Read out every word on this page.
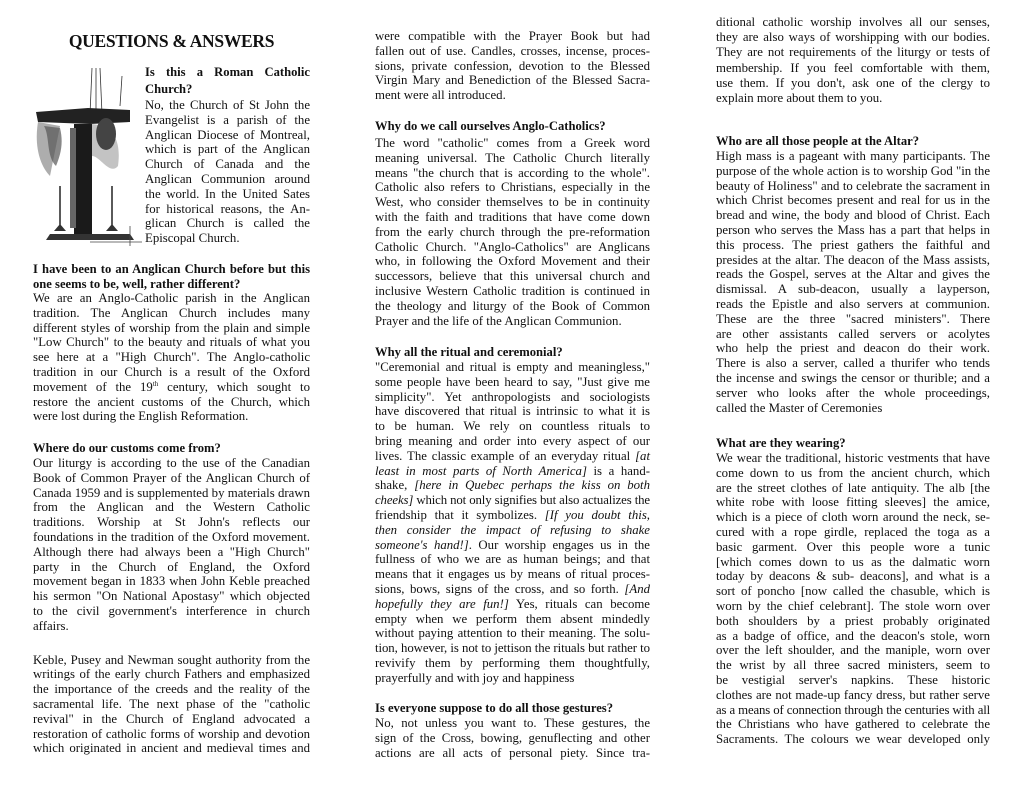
QUESTIONS & ANSWERS
Is this a Roman Catholic
Church?
No, the Church of St John the
Evangelist is a parish of the
Anglican Diocese of Montreal,
which is part of the Anglican
Church of Canada and the
Anglican Communion around
the world. In the United Sates
for historical reasons, the An-
glican Church is called the
Episcopal Church.
I have been to an Anglican Church before but this
one seems to be, well, rather different?
We are an Anglo-Catholic parish in the Anglican
tradition. The Anglican Church includes many
different styles of worship from the plain and simple
"Low Church" to the beauty and rituals of what you
see here at a "High Church". The Anglo-catholic
tradition in our Church is a result of the Oxford
movement of the 19th century, which sought to
restore the ancient customs of the Church, which
were lost during the English Reformation.
Where do our customs come from?
Our liturgy is according to the use of the Canadian
Book of Common Prayer of the Anglican Church of
Canada 1959 and is supplemented by materials drawn
from the Anglican and the Western Catholic
traditions. Worship at St John's reflects our
foundations in the tradition of the Oxford movement.
Although there had always been a "High Church"
party in the Church of England, the Oxford
movement began in 1833 when John Keble preached
his sermon "On National Apostasy" which objected
to the civil government's interference in church
affairs.
Keble, Pusey and Newman sought authority from the
writings of the early church Fathers and emphasized
the importance of the creeds and the reality of the
sacramental life. The next phase of the "catholic
revival" in the Church of England advocated a
restoration of catholic forms of worship and devotion
which originated in ancient and medieval times and
were compatible with the Prayer Book but had
fallen out of use. Candles, crosses, incense, proces-
sions, private confession, devotion to the Blessed
Virgin Mary and Benediction of the Blessed Sacra-
ment were all introduced.
Why do we call ourselves Anglo-Catholics?
The word "catholic" comes from a Greek word
meaning universal. The Catholic Church literally
means "the church that is according to the whole".
Catholic also refers to Christians, especially in the
West, who consider themselves to be in continuity
with the faith and traditions that have come down
from the early church through the pre-reformation
Catholic Church. "Anglo-Catholics" are Anglicans
who, in following the Oxford Movement and their
successors, believe that this universal church and
inclusive Western Catholic tradition is continued in
the theology and liturgy of the Book of Common
Prayer and the life of the Anglican Communion.
Why all the ritual and ceremonial?
"Ceremonial and ritual is empty and meaningless,"
some people have been heard to say, "Just give me
simplicity". Yet anthropologists and sociologists
have discovered that ritual is intrinsic to what it is
to be human. We rely on countless rituals to
bring meaning and order into every aspect of our
lives. The classic example of an everyday ritual [at
least in most parts of North America] is a hand-
shake, [here in Quebec perhaps the kiss on both
cheeks] which not only signifies but also actualizes the
friendship that it symbolizes. [If you doubt this,
then consider the impact of refusing to shake
someone's hand!]. Our worship engages us in the
fullness of who we are as human beings; and that
means that it engages us by means of ritual proces-
sions, bows, signs of the cross, and so forth. [And
hopefully they are fun!] Yes, rituals can become
empty when we perform them absent mindedly
without paying attention to their meaning. The solu-
tion, however, is not to jettison the rituals but rather to
revivify them by performing them thoughtfully,
prayerfully and with joy and happiness
Is everyone suppose to do all those gestures?
No, not unless you want to. These gestures, the
sign of the Cross, bowing, genuflecting and other
actions are all acts of personal piety. Since tra-
ditional catholic worship involves all our senses,
they are also ways of worshipping with our bodies.
They are not requirements of the liturgy or tests of
membership. If you feel comfortable with them,
use them. If you don't, ask one of the clergy to
explain more about them to you.
Who are all those people at the Altar?
High mass is a pageant with many participants. The
purpose of the whole action is to worship God "in the
beauty of Holiness" and to celebrate the sacrament in
which Christ becomes present and real for us in the
bread and wine, the body and blood of Christ. Each
person who serves the Mass has a part that helps in
this process. The priest gathers the faithful and
presides at the altar. The deacon of the Mass assists,
reads the Gospel, serves at the Altar and gives the
dismissal. A sub-deacon, usually a layperson,
reads the Epistle and also servers at communion.
These are the three "sacred ministers". There
are other assistants called servers or acolytes
who help the priest and deacon do their work.
There is also a server, called a thurifer who tends
the incense and swings the censor or thurible; and a
server who looks after the whole proceedings,
called the Master of Ceremonies
What are they wearing?
We wear the traditional, historic vestments that have
come down to us from the ancient church, which
are the street clothes of late antiquity. The alb [the
white robe with loose fitting sleeves] the amice,
which is a piece of cloth worn around the neck, se-
cured with a rope girdle, replaced the toga as a
basic garment. Over this people wore a tunic
[which comes down to us as the dalmatic worn
today by deacons & sub- deacons], and what is a
sort of poncho [now called the chasuble, which is
worn by the chief celebrant]. The stole worn over
both shoulders by a priest probably originated
as a badge of office, and the deacon's stole, worn
over the left shoulder, and the maniple, worn over
the wrist by all three sacred ministers, seem to
be vestigial server's napkins. These historic
clothes are not made-up fancy dress, but rather serve
as a means of connection through the centuries with all
the Christians who have gathered to celebrate the
Sacraments. The colours we wear developed only
